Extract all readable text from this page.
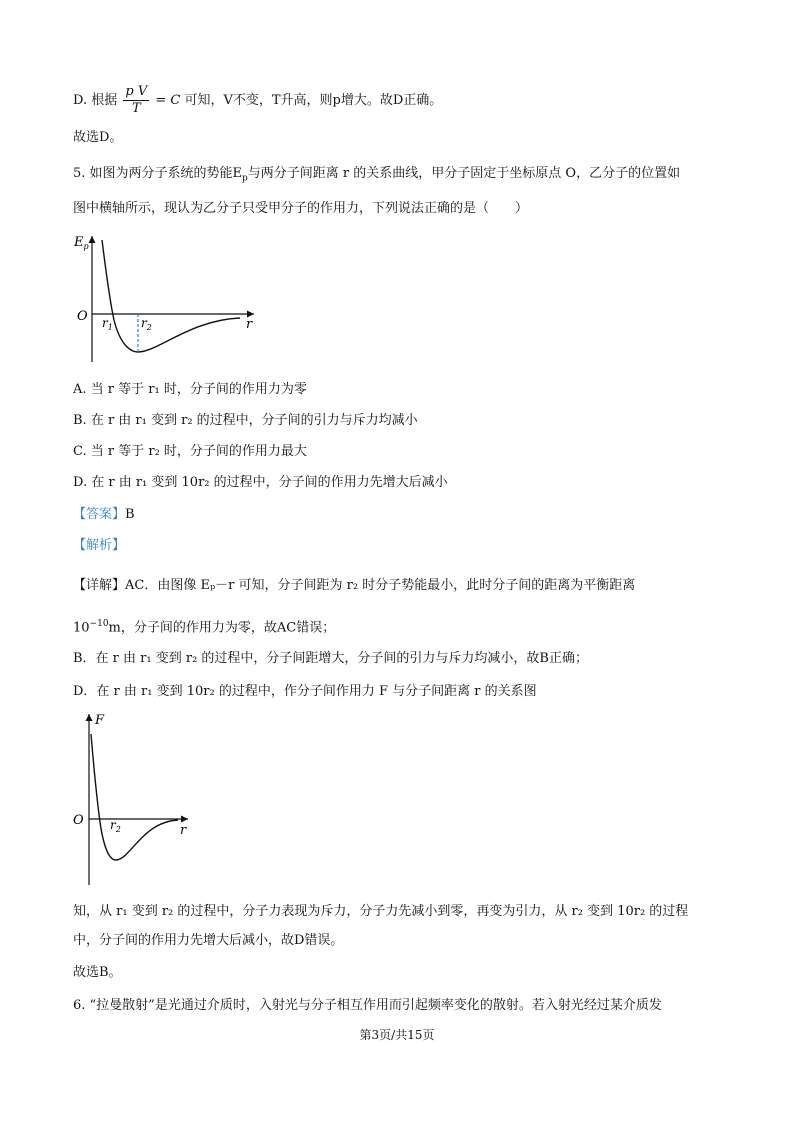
D. 根据 $\frac{\text{p V}}{T} = C$ 可知，V不变，T升高，则p增大。故D正确。
故选D。
5. 如图为两分子系统的势能$E_p$与两分子间距离 r 的关系曲线，甲分子固定于坐标原点 O，乙分子的位置如
图中横轴所示，现认为乙分子只受甲分子的作用力，下列说法正确的是（　　）
$E_p$
O
r
$r_1$ $r_2$
A. 当 r 等于 r₁ 时，分子间的作用力为零
B. 在 r 由 r₁ 变到 r₂ 的过程中，分子间的引力与斥力均减小
C. 当 r 等于 r₂ 时，分子间的作用力最大
D. 在 r 由 r₁ 变到 10r₂ 的过程中，分子间的作用力先增大后减小
【答案】B
【解析】
【详解】AC．由图像 Eₚ－r 可知，分子间距为 r₂ 时分子势能最小，此时分子间的距离为平衡距离
$10^{-10}m$，分子间的作用力为零，故AC错误；
B．在 r 由 r₁ 变到 r₂ 的过程中，分子间距增大，分子间的引力与斥力均减小，故B正确；
D．在 r 由 r₁ 变到 10r₂ 的过程中，作分子间作用力 F 与分子间距离 r 的关系图
F
O
r
$r_2$
知，从 r₁ 变到 r₂ 的过程中，分子力表现为斥力，分子力先减小到零，再变为引力，从 r₂ 变到 10r₂ 的过程
中，分子间的作用力先增大后减小，故D错误。
故选B。
6. “拉曼散射”是光通过介质时，入射光与分子相互作用而引起频率变化的散射。若入射光经过某介质发
第3页/共15页
